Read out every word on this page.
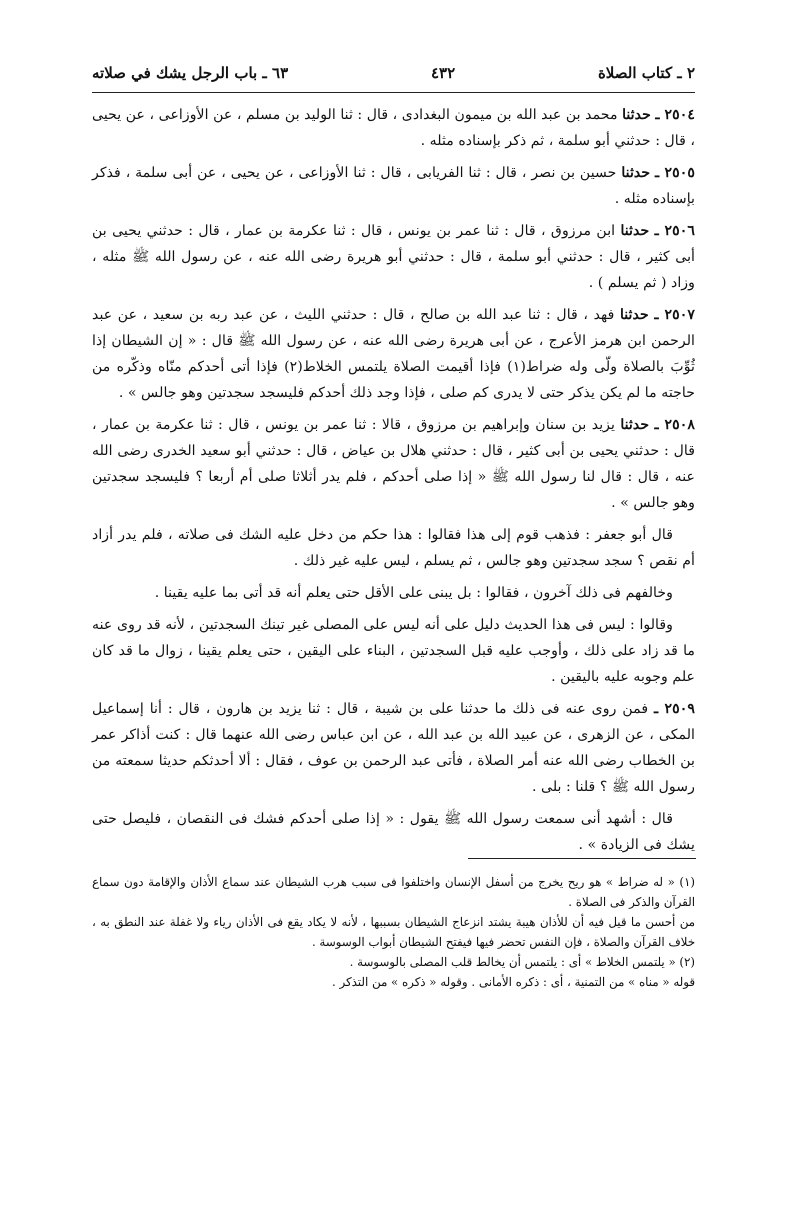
٢ ـ كتاب الصلاة
٤٣٢
٦٣ ـ باب الرجل يشك في صلاته

٢٥٠٤ ـ حدثنا محمد بن عبد الله بن ميمون البغدادى ، قال : ثنا الوليد بن مسلم ، عن الأوزاعى ، عن يحيى ، قال : حدثني أبو سلمة ، ثم ذكر بإسناده مثله .

٢٥٠٥ ـ حدثنا حسين بن نصر ، قال : ثنا الفريابى ، قال : ثنا الأوزاعى ، عن يحيى ، عن أبى سلمة ، فذكر بإسناده مثله .

٢٥٠٦ ـ حدثنا ابن مرزوق ، قال : ثنا عمر بن يونس ، قال : ثنا عكرمة بن عمار ، قال : حدثني يحيى بن أبى كثير ، قال : حدثني أبو سلمة ، قال : حدثني أبو هريرة رضى الله عنه ، عن رسول الله ﷺ مثله ، وزاد ( ثم يسلم ) .

٢٥٠٧ ـ حدثنا فهد ، قال : ثنا عبد الله بن صالح ، قال : حدثني الليث ، عن عبد ربه بن سعيد ، عن عبد الرحمن ابن هرمز الأعرج ، عن أبى هريرة رضى الله عنه ، عن رسول الله ﷺ قال : « إن الشيطان إذا ثُوِّبَ بالصلاة ولّى وله ضراط(١) فإذا أقيمت الصلاة يلتمس الخلاط(٢) فإذا أتى أحدكم منّاه وذكّره من حاجته ما لم يكن يذكر حتى لا يدرى كم صلى ، فإذا وجد ذلك أحدكم فليسجد سجدتين وهو جالس » .

٢٥٠٨ ـ حدثنا يزيد بن سنان وإبراهيم بن مرزوق ، قالا : ثنا عمر بن يونس ، قال : ثنا عكرمة بن عمار ، قال : حدثني يحيى بن أبى كثير ، قال : حدثني هلال بن عياض ، قال : حدثني أبو سعيد الخدرى رضى الله عنه ، قال : قال لنا رسول الله ﷺ « إذا صلى أحدكم ، فلم يدر أثلاثا صلى أم أربعا ؟ فليسجد سجدتين وهو جالس » .

قال أبو جعفر : فذهب قوم إلى هذا فقالوا : هذا حكم من دخل عليه الشك فى صلاته ، فلم يدر أزاد أم نقص ؟ سجد سجدتين وهو جالس ، ثم يسلم ، ليس عليه غير ذلك .

وخالفهم فى ذلك آخرون ، فقالوا : بل يبنى على الأقل حتى يعلم أنه قد أتى بما عليه يقينا .

وقالوا : ليس فى هذا الحديث دليل على أنه ليس على المصلى غير تينك السجدتين ، لأنه قد روى عنه ما قد زاد على ذلك ، وأوجب عليه قبل السجدتين ، البناء على اليقين ، حتى يعلم يقينا ، زوال ما قد كان علم وجوبه عليه باليقين .

٢٥٠٩ ـ فمن روى عنه فى ذلك ما حدثنا على بن شيبة ، قال : ثنا يزيد بن هارون ، قال : أنا إسماعيل المكى ، عن الزهرى ، عن عبيد الله بن عبد الله ، عن ابن عباس رضى الله عنهما قال : كنت أذاكر عمر بن الخطاب رضى الله عنه أمر الصلاة ، فأتى عبد الرحمن بن عوف ، فقال : ألا أحدثكم حديثا سمعته من رسول الله ﷺ ؟ قلنا : بلى .

قال : أشهد أنى سمعت رسول الله ﷺ يقول : « إذا صلى أحدكم فشك فى النقصان ، فليصل حتى يشك فى الزيادة » .

(١) « له ضراط » هو ريح يخرج من أسفل الإنسان واختلفوا فى سبب هرب الشيطان عند سماع الأذان والإقامة دون سماع القرآن والذكر فى الصلاة .

من أحسن ما قيل فيه أن للأذان هيبة يشتد انزعاج الشيطان بسببها ، لأنه لا يكاد يقع فى الأذان رياء ولا غفلة عند النطق به ، خلاف القرآن والصلاة ، فإن النفس تحضر فيها فيفتح الشيطان أبواب الوسوسة .

(٢) « يلتمس الخلاط » أى : يلتمس أن يخالط قلب المصلى بالوسوسة .

قوله « مناه » من التمنية ، أى : ذكره الأمانى . وقوله « ذكره » من التذكر .
